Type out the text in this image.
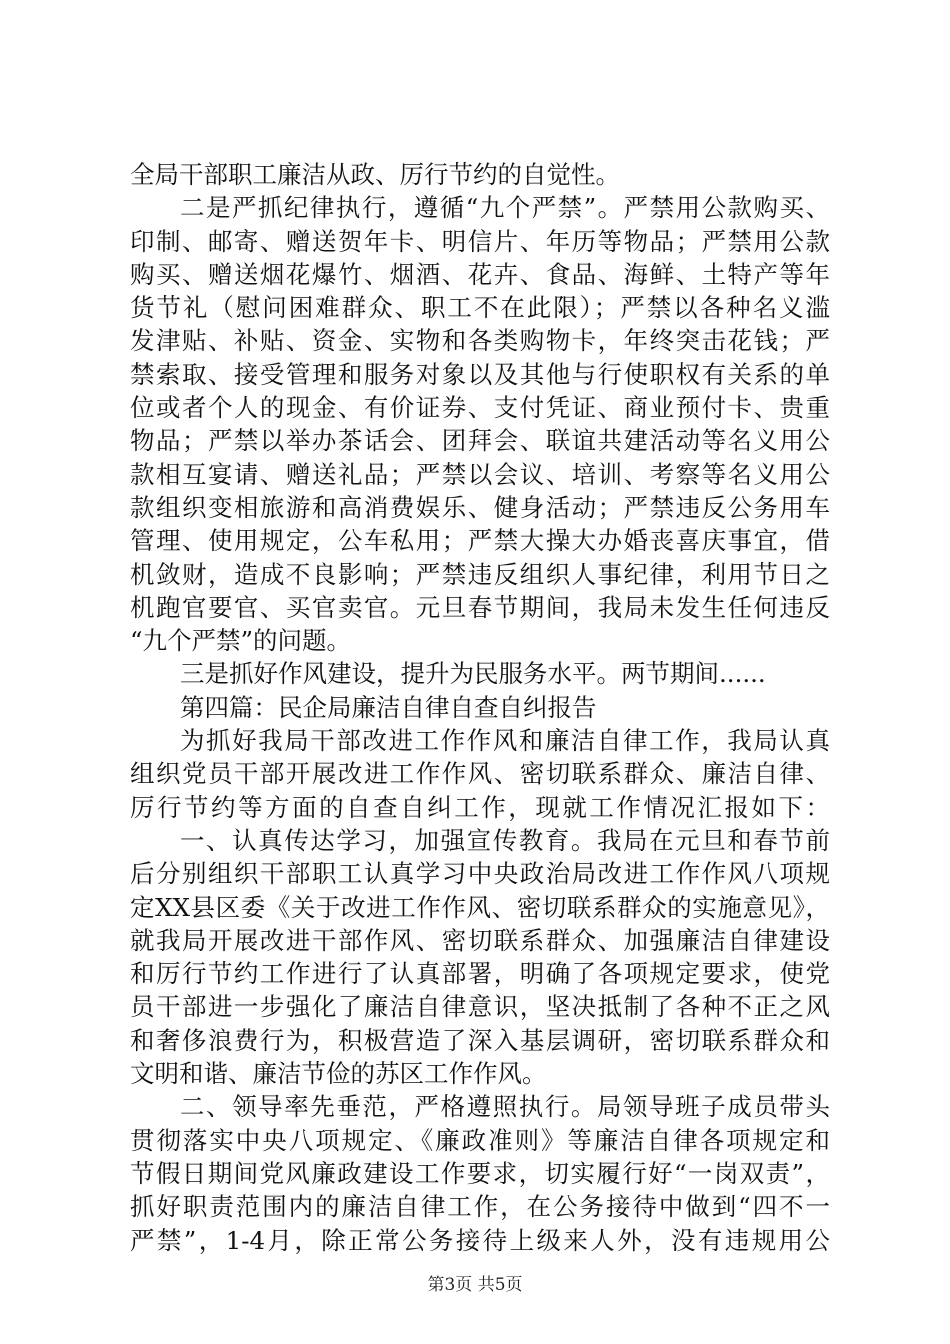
全局干部职工廉洁从政、厉行节约的自觉性。
二是严抓纪律执行，遵循“九个严禁”。严禁用公款购买、
印制、邮寄、赠送贺年卡、明信片、年历等物品；严禁用公款
购买、赠送烟花爆竹、烟酒、花卉、食品、海鲜、土特产等年
货节礼（慰问困难群众、职工不在此限）；严禁以各种名义滥
发津贴、补贴、资金、实物和各类购物卡，年终突击花钱；严
禁索取、接受管理和服务对象以及其他与行使职权有关系的单
位或者个人的现金、有价证券、支付凭证、商业预付卡、贵重
物品；严禁以举办茶话会、团拜会、联谊共建活动等名义用公
款相互宴请、赠送礼品；严禁以会议、培训、考察等名义用公
款组织变相旅游和高消费娱乐、健身活动；严禁违反公务用车
管理、使用规定，公车私用；严禁大操大办婚丧喜庆事宜，借
机敛财，造成不良影响；严禁违反组织人事纪律，利用节日之
机跑官要官、买官卖官。元旦春节期间，我局未发生任何违反
“九个严禁”的问题。
三是抓好作风建设，提升为民服务水平。两节期间......
第四篇：民企局廉洁自律自查自纠报告
为抓好我局干部改进工作作风和廉洁自律工作，我局认真
组织党员干部开展改进工作作风、密切联系群众、廉洁自律、
厉行节约等方面的自查自纠工作，现就工作情况汇报如下：
一、认真传达学习，加强宣传教育。我局在元旦和春节前
后分别组织干部职工认真学习中央政治局改进工作作风八项规
定XX县区委《关于改进工作作风、密切联系群众的实施意见》，
就我局开展改进干部作风、密切联系群众、加强廉洁自律建设
和厉行节约工作进行了认真部署，明确了各项规定要求，使党
员干部进一步强化了廉洁自律意识，坚决抵制了各种不正之风
和奢侈浪费行为，积极营造了深入基层调研，密切联系群众和
文明和谐、廉洁节俭的苏区工作作风。
二、领导率先垂范，严格遵照执行。局领导班子成员带头
贯彻落实中央八项规定、《廉政准则》等廉洁自律各项规定和
节假日期间党风廉政建设工作要求，切实履行好“一岗双责”，
抓好职责范围内的廉洁自律工作，在公务接待中做到“四不一
严禁”，1-4月，除正常公务接待上级来人外，没有违规用公
第3页 共5页
